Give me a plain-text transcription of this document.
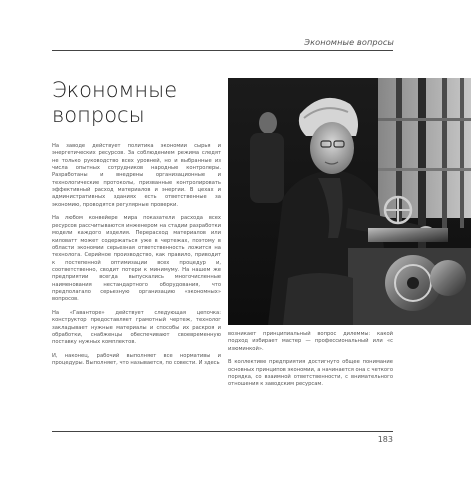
Экономные вопросы
Экономные
вопросы

На заводе действует политика экономии сырья и энергетических ресурсов. За соблюдением режима следят не только руководство всех уровней, но и выбранные из числа опытных сотрудников народные контролеры. Разработаны и внедрены организационные и технологические протоколы, призванные контролировать эффективный расход материалов и энергии. В цехах и административных зданиях есть ответственные за экономию, проводятся регулярные проверки.

На любом конвейере мира показатели расхода всех ресурсов рассчитываются инженером на стадии разработки модели каждого изделия. Перерасход материалов или киловатт может содержаться уже в чертежах, поэтому в области экономии серьезная ответственность ложится на технолога. Серийное производство, как правило, приводит к постепенной оптимизации всех процедур и, соответственно, сводит потери к минимуму. На нашем же предприятии всегда выпускались многочисленные наименования нестандартного оборудования, что предполагало серьезную организацию «экономных» вопросов.

На «Гаванторе» действует следующая цепочка: конструктор предоставляет грамотный чертеж, технолог закладывает нужные материалы и способы их раскроя и обработки, снабженцы обеспечивают своевременную поставку нужных комплектов.

И, наконец, рабочий выполняет все нормативы и процедуры. Выполняет, что называется, по совести. И здесь

возникает принципиальный вопрос дилеммы: какой подход избирает мастер — профессиональный или «с изюминкой».

В коллективе предприятия достигнуто общее понимание основных принципов экономии, а начинается она с четкого порядка, со взаимной ответственности, с внимательного отношения к заводским ресурсам.

183
